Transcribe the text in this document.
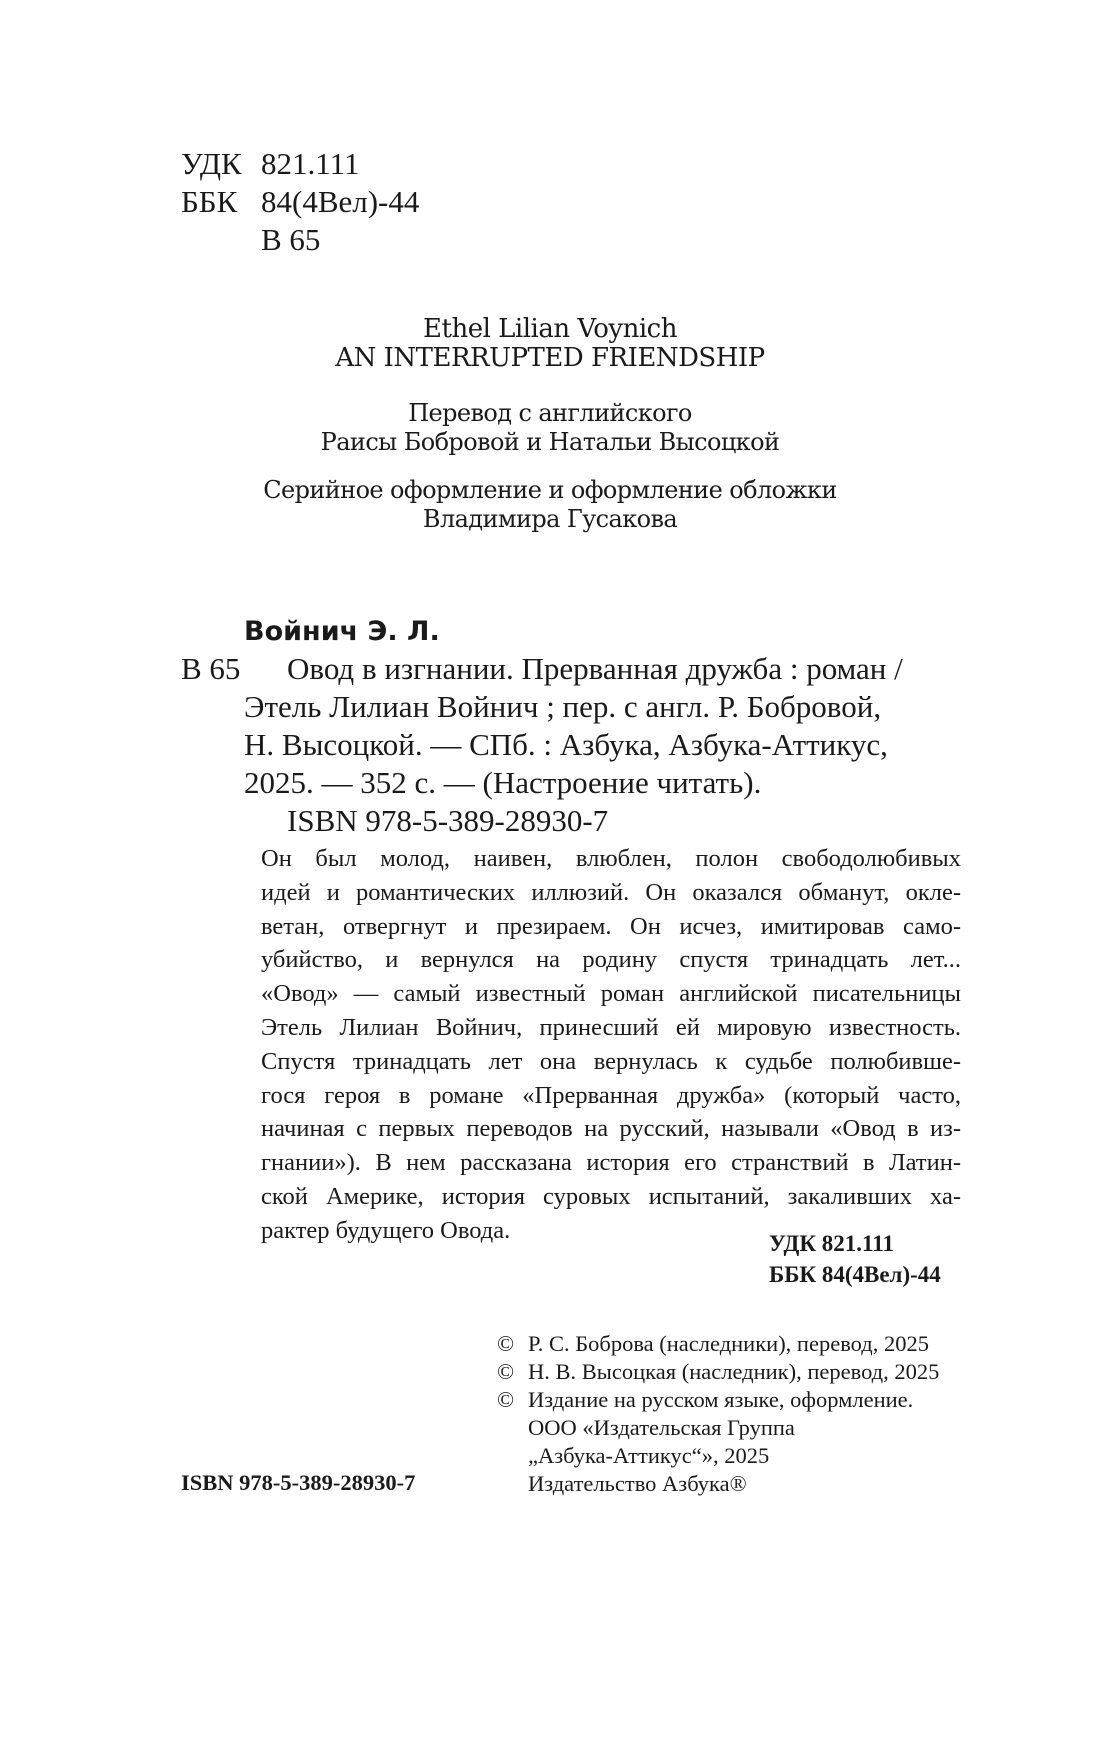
УДК 821.111
ББК 84(4Вел)-44
В 65
Ethel Lilian Voynich
AN INTERRUPTED FRIENDSHIP
Перевод с английского
Раисы Бобровой и Натальи Высоцкой
Серийное оформление и оформление обложки
Владимира Гусакова
Войнич Э. Л.
В 65 Овод в изгнании. Прерванная дружба : роман /
Этель Лилиан Войнич ; пер. с англ. Р. Бобровой,
Н. Высоцкой. — СПб. : Азбука, Азбука-Аттикус,
2025. — 352 с. — (Настроение читать).
ISBN 978-5-389-28930-7
Он был молод, наивен, влюблен, полон свободолюбивых
идей и романтических иллюзий. Он оказался обманут, окле-
ветан, отвергнут и презираем. Он исчез, имитировав само-
убийство, и вернулся на родину спустя тринадцать лет...
«Овод» — самый известный роман английской писательницы
Этель Лилиан Войнич, принесший ей мировую известность.
Спустя тринадцать лет она вернулась к судьбе полюбивше-
гося героя в романе «Прерванная дружба» (который часто,
начиная с первых переводов на русский, называли «Овод в из-
гнании»). В нем рассказана история его странствий в Латин-
ской Америке, история суровых испытаний, закаливших ха-
рактер будущего Овода.	УДК 821.111
ББК 84(4Вел)-44
© Р. С. Боброва (наследники), перевод, 2025
© Н. В. Высоцкая (наследник), перевод, 2025
© Издание на русском языке, оформление.
ООО «Издательская Группа
„Азбука-Аттикус“», 2025
Издательство Азбука®
ISBN 978-5-389-28930-7
